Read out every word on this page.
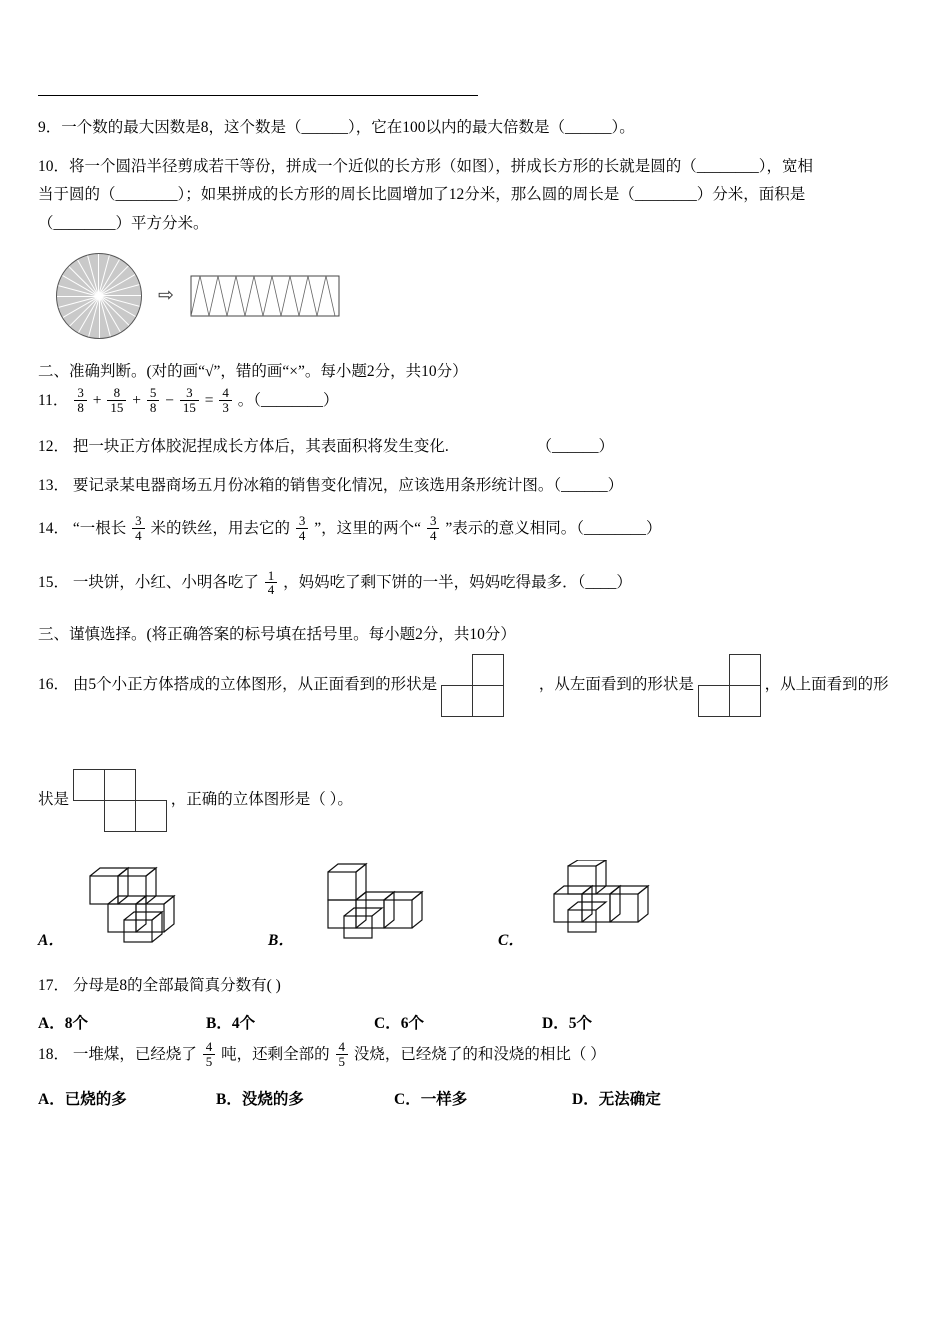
9．一个数的最大因数是8，这个数是（______），它在100以内的最大倍数是（______）。
10．将一个圆沿半径剪成若干等份，拼成一个近似的长方形（如图），拼成长方形的长就是圆的（________），宽相
当于圆的（________）；如果拼成的长方形的周长比圆增加了12分米，那么圆的周长是（________）分米，面积是
（________）平方分米。
⇨
二、准确判断。(对的画“√”，错的画“×”。每小题2分，共10分）
11． $\frac{3}{8} + \frac{8}{15} + \frac{5}{8} - \frac{3}{15} = \frac{4}{3}$ 。（________）
12． 把一块正方体胶泥捏成长方体后，其表面积将发生变化.	（______）
13． 要记录某电器商场五月份冰箱的销售变化情况，应该选用条形统计图。（______）
14． “一根长 $\frac{3}{4}$ 米的铁丝，用去它的 $\frac{3}{4}$ ”，这里的两个“ $\frac{3}{4}$ ”表示的意义相同。（________）
15． 一块饼，小红、小明各吃了 $\frac{1}{4}$ ，妈妈吃了剩下饼的一半，妈妈吃得最多．（____）
三、谨慎选择。(将正确答案的标号填在括号里。每小题2分，共10分）
16． 由5个小正方体搭成的立体图形，从正面看到的形状是

			，从左面看到的形状是

		，从上面看到的形
状是

			，正确的立体图形是（ ）。
A．	B．	C．
17． 分母是8的全部最简真分数有( )
A．8个	B．4个	C．6个	D．5个
18． 一堆煤，已经烧了 $\frac{4}{5}$ 吨，还剩全部的 $\frac{4}{5}$ 没烧，已经烧了的和没烧的相比（ ）
A．已烧的多	B．没烧的多	C．一样多	D．无法确定
